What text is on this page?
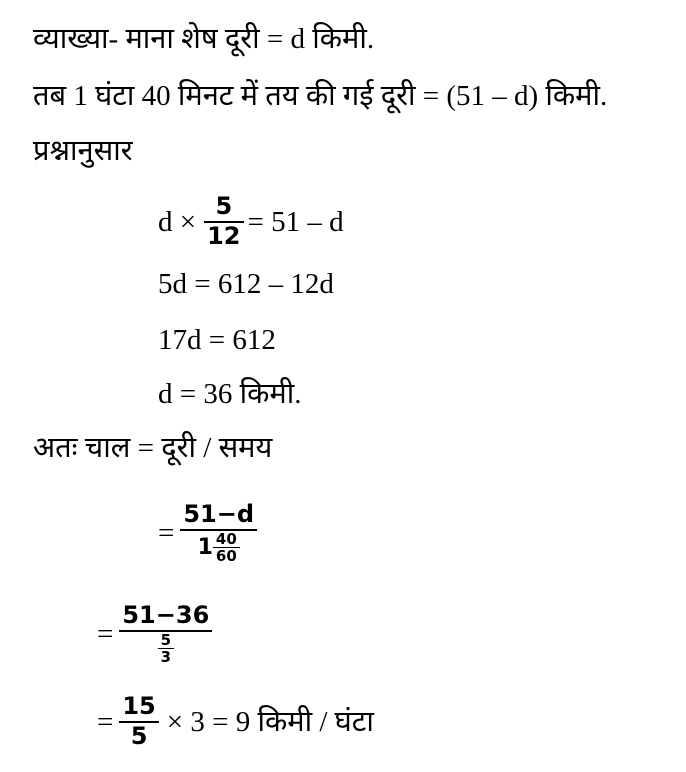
व्याख्या- माना शेष दूरी = d किमी.
तब 1 घंटा 40 मिनट में तय की गई दूरी = (51 – d) किमी.
प्रश्नानुसार
$d \times \frac{5}{12} = 51 - d$
5d = 612 – 12d
17d = 612
d = 36 किमी.
अतः चाल = दूरी / समय
= $\frac{51-d}{1 \frac{40}{60}}$
= $\frac{51-36}{\frac{5}{3}}$
= $\frac{15}{5} \times 3 = 9$ किमी / घंटा
